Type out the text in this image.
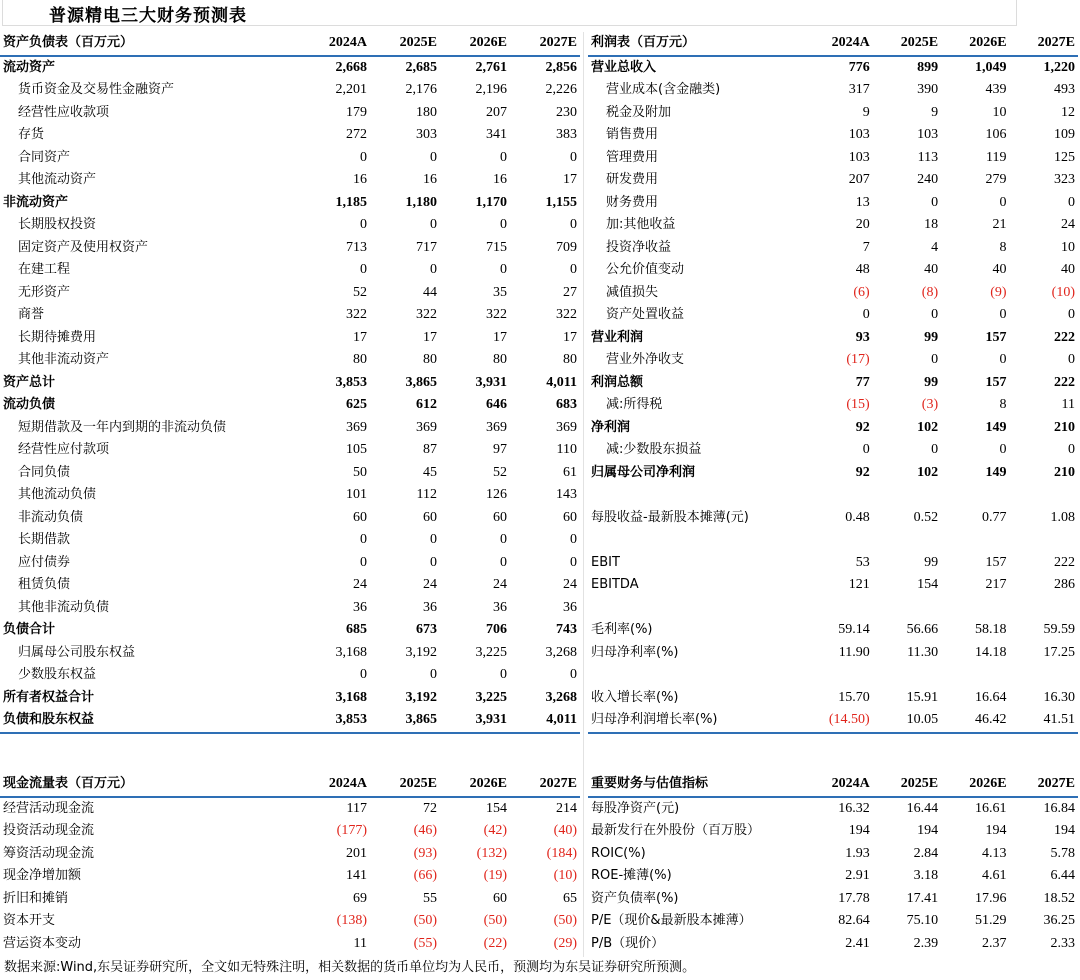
普源精电三大财务预测表
资产负债表（百万元）	2024A	2025E	2026E	2027E
流动资产	2,668	2,685	2,761	2,856
货币资金及交易性金融资产	2,201	2,176	2,196	2,226
经营性应收款项	179	180	207	230
存货	272	303	341	383
合同资产	0	0	0	0
其他流动资产	16	16	16	17
非流动资产	1,185	1,180	1,170	1,155
长期股权投资	0	0	0	0
固定资产及使用权资产	713	717	715	709
在建工程	0	0	0	0
无形资产	52	44	35	27
商誉	322	322	322	322
长期待摊费用	17	17	17	17
其他非流动资产	80	80	80	80
资产总计	3,853	3,865	3,931	4,011
流动负债	625	612	646	683
短期借款及一年内到期的非流动负债	369	369	369	369
经营性应付款项	105	87	97	110
合同负债	50	45	52	61
其他流动负债	101	112	126	143
非流动负债	60	60	60	60
长期借款	0	0	0	0
应付债券	0	0	0	0
租赁负债	24	24	24	24
其他非流动负债	36	36	36	36
负债合计	685	673	706	743
归属母公司股东权益	3,168	3,192	3,225	3,268
少数股东权益	0	0	0	0
所有者权益合计	3,168	3,192	3,225	3,268
负债和股东权益	3,853	3,865	3,931	4,011
利润表（百万元）	2024A	2025E	2026E	2027E
营业总收入	776	899	1,049	1,220
营业成本(含金融类)	317	390	439	493
税金及附加	9	9	10	12
销售费用	103	103	106	109
管理费用	103	113	119	125
研发费用	207	240	279	323
财务费用	13	0	0	0
加:其他收益	20	18	21	24
投资净收益	7	4	8	10
公允价值变动	48	40	40	40
减值损失	(6)	(8)	(9)	(10)
资产处置收益	0	0	0	0
营业利润	93	99	157	222
营业外净收支	(17)	0	0	0
利润总额	77	99	157	222
减:所得税	(15)	(3)	8	11
净利润	92	102	149	210
减:少数股东损益	0	0	0	0
归属母公司净利润	92	102	149	210

每股收益-最新股本摊薄(元)	0.48	0.52	0.77	1.08

EBIT	53	99	157	222
EBITDA	121	154	217	286

毛利率(%)	59.14	56.66	58.18	59.59
归母净利率(%)	11.90	11.30	14.18	17.25

收入增长率(%)	15.70	15.91	16.64	16.30
归母净利润增长率(%)	(14.50)	10.05	46.42	41.51
现金流量表（百万元）	2024A	2025E	2026E	2027E
经营活动现金流	117	72	154	214
投资活动现金流	(177)	(46)	(42)	(40)
筹资活动现金流	201	(93)	(132)	(184)
现金净增加额	141	(66)	(19)	(10)
折旧和摊销	69	55	60	65
资本开支	(138)	(50)	(50)	(50)
营运资本变动	11	(55)	(22)	(29)
重要财务与估值指标	2024A	2025E	2026E	2027E
每股净资产(元)	16.32	16.44	16.61	16.84
最新发行在外股份（百万股）	194	194	194	194
ROIC(%)	1.93	2.84	4.13	5.78
ROE-摊薄(%)	2.91	3.18	4.61	6.44
资产负债率(%)	17.78	17.41	17.96	18.52
P/E（现价&最新股本摊薄）	82.64	75.10	51.29	36.25
P/B（现价）	2.41	2.39	2.37	2.33
数据来源:Wind,东吴证券研究所，全文如无特殊注明，相关数据的货币单位均为人民币，预测均为东吴证券研究所预测。
